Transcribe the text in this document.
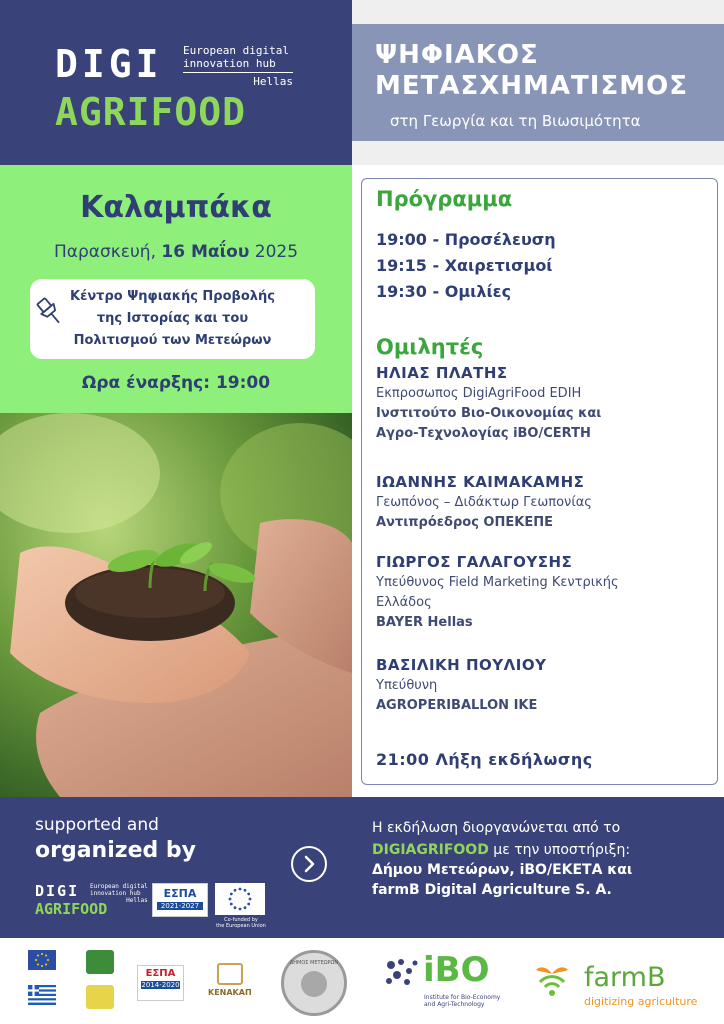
DIGI European digital
innovation hub
Hellas
AGRIFOOD
ΨΗΦΙΑΚΟΣ
ΜΕΤΑΣΧΗΜΑΤΙΣΜΟΣ
στη Γεωργία και τη Βιωσιμότητα
Καλαμπάκα
Παρασκευή, 16 Μαΐου 2025
Κέντρο Ψηφιακής Προβολής
της Ιστορίας και του
Πολιτισμού των Μετεώρων
Ωρα έναρξης: 19:00
Πρόγραμμα
19:00 - Προσέλευση
19:15 - Χαιρετισμοί
19:30 - Ομιλίες
Ομιλητές
ΗΛΙΑΣ ΠΛΑΤΗΣ
Εκπροσωπος DigiAgriFood EDIH
Ινστιτούτο Βιο-Οικονομίας και
Αγρο-Τεχνολογίας iBO/CERTH
ΙΩΑΝΝΗΣ ΚΑΙΜΑΚΑΜΗΣ
Γεωπόνος – Διδάκτωρ Γεωπονίας
Αντιπρόεδρος ΟΠΕΚΕΠΕ
ΓΙΩΡΓΟΣ ΓΑΛΑΓΟΥΣΗΣ
Υπεύθυνος Field Marketing Κεντρικής
Ελλάδος
BAYER Hellas
ΒΑΣΙΛΙΚΗ ΠΟΥΛΙΟΥ
Υπεύθυνη
AGROPERIBALLON IKE
21:00 Λήξη εκδήλωσης
supported and
organized by
DIGI
AGRIFOOD
European digital
innovation hub
Hellas
ΕΣΠΑ
2021-2027
Co-funded by
the European Union
Η εκδήλωση διοργανώνεται από το
DIGIAGRIFOOD με την υποστήριξη:
Δήμου Μετεώρων, iBO/ΕΚΕΤΑ και
farmB Digital Agriculture S. A.
ΕΣΠΑ
2014-2020
ΚΕΝΑΚΑΠ
ΔΗΜΟΣ ΜΕΤΕΩΡΩΝ iBO
Institute for Bio-Economy
and Agri-Technology
farmB
digitizing agriculture
